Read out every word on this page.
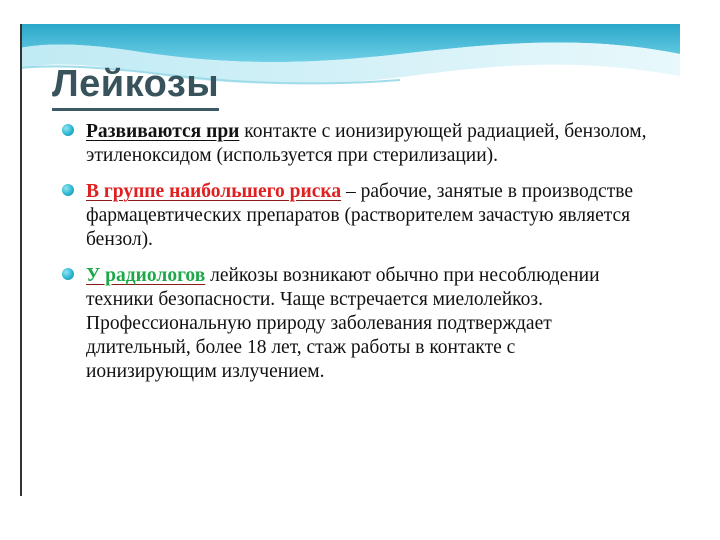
Лейкозы
Развиваются при контакте с ионизирующей радиацией, бензолом, этиленоксидом (используется при стерилизации).
В группе наибольшего риска – рабочие, занятые в производстве фармацевтических препаратов (растворителем зачастую является бензол).
У радиологов лейкозы возникают обычно при несоблюдении техники безопасности. Чаще встречается миелолейкоз. Профессиональную природу заболевания подтверждает длительный, более 18 лет, стаж работы в контакте с ионизирующим излучением.
